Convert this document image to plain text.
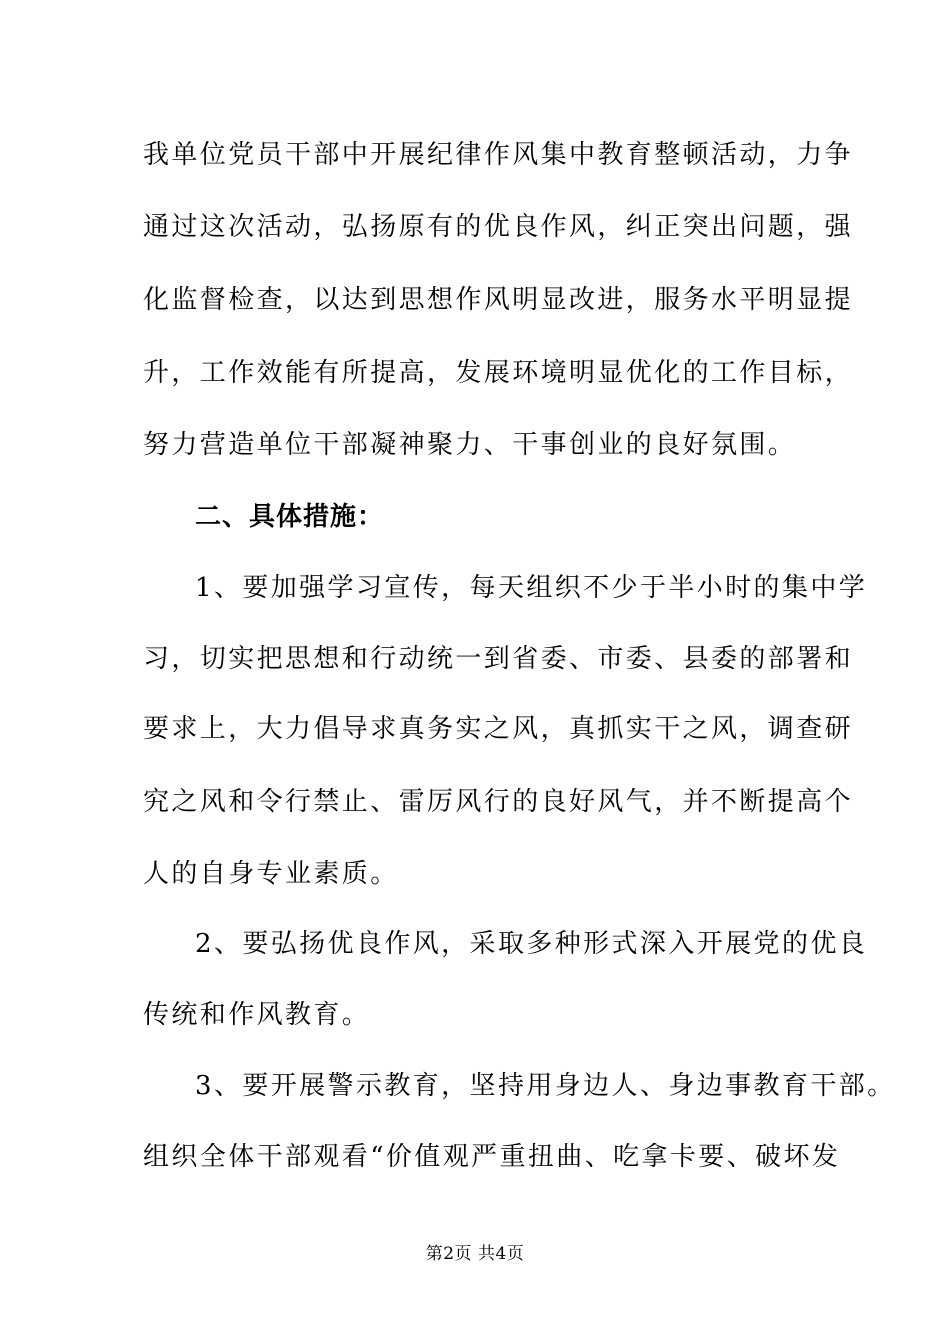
我单位党员干部中开展纪律作风集中教育整顿活动，力争
通过这次活动，弘扬原有的优良作风，纠正突出问题，强
化监督检查，以达到思想作风明显改进，服务水平明显提
升，工作效能有所提高，发展环境明显优化的工作目标，
努力营造单位干部凝神聚力、干事创业的良好氛围。
二、具体措施：
1、要加强学习宣传，每天组织不少于半小时的集中学
习，切实把思想和行动统一到省委、市委、县委的部署和
要求上，大力倡导求真务实之风，真抓实干之风，调查研
究之风和令行禁止、雷厉风行的良好风气，并不断提高个
人的自身专业素质。
2、要弘扬优良作风，采取多种形式深入开展党的优良
传统和作风教育。
3、要开展警示教育，坚持用身边人、身边事教育干部。
组织全体干部观看“价值观严重扭曲、吃拿卡要、破坏发
第2页 共4页
